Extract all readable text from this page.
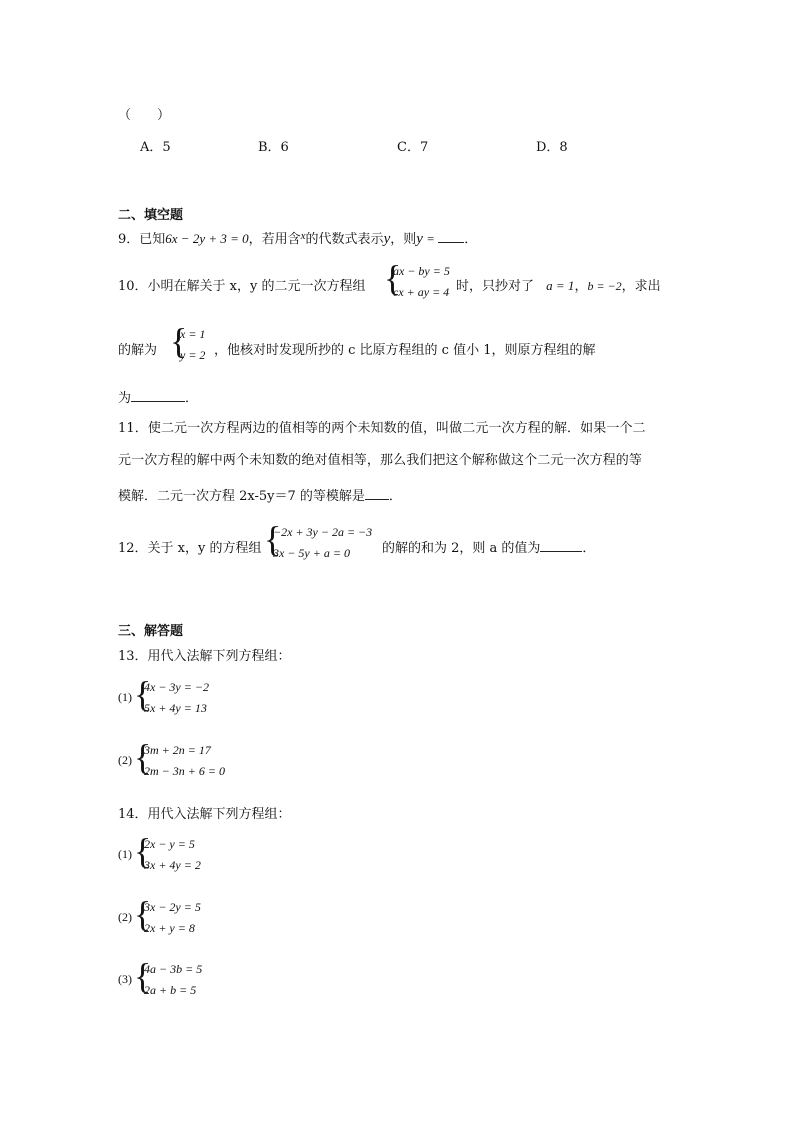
（　　）
A．5	B．6	C．7	D．8
二、填空题
9．已知6x − 2y + 3 = 0，若用含$^x$的代数式表示y，则y = ．
10．小明在解关于 x，y 的二元一次方程组 {
ax − by = 5
cx + ay = 4 时，只抄对了 a = 1，b = −2，求出
的解为 {
x = 1
y = 2 ，他核对时发现所抄的 c 比原方程组的 c 值小 1，则原方程组的解
为	．
11．使二元一次方程两边的值相等的两个未知数的值，叫做二元一次方程的解．如果一个二
元一次方程的解中两个未知数的绝对值相等，那么我们把这个解称做这个二元一次方程的等
模解．二元一次方程 2x-5y＝7 的等模解是 ．
12．关于 x，y 的方程组 {
−2x + 3y − 2a = −3
3x − 5y + a = 0 的解的和为 2，则 a 的值为	．
三、解答题
13．用代入法解下列方程组：
(1) {
4x − 3y = −2
5x + 4y = 13
(2) {
3m + 2n = 17
2m − 3n + 6 = 0
14．用代入法解下列方程组：
(1) {
2x − y = 5
3x + 4y = 2
(2) {
3x − 2y = 5
2x + y = 8
(3) {
4a − 3b = 5
2a + b = 5
